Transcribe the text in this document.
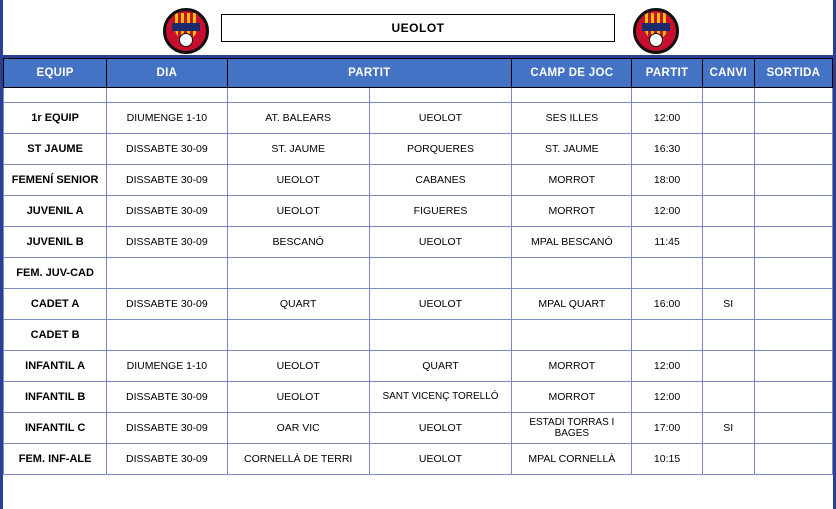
UEOLOT
EQUIP	DIA	PARTIT		CAMP DE JOC	PARTIT	CANVI	SORTIDA

1r EQUIP	DIUMENGE 1-10	AT. BALEARS	UEOLOT	SES ILLES	12:00		
ST JAUME	DISSABTE 30-09	ST. JAUME	PORQUERES	ST. JAUME	16:30		
FEMENÍ SENIOR	DISSABTE 30-09	UEOLOT	CABANES	MORROT	18:00		
JUVENIL A	DISSABTE 30-09	UEOLOT	FIGUERES	MORROT	12:00		
JUVENIL B	DISSABTE 30-09	BESCANÓ	UEOLOT	MPAL BESCANÓ	11:45		
FEM. JUV-CAD							
CADET A	DISSABTE 30-09	QUART	UEOLOT	MPAL QUART	16:00	SI	
CADET B							
INFANTIL A	DIUMENGE 1-10	UEOLOT	QUART	MORROT	12:00		
INFANTIL B	DISSABTE 30-09	UEOLOT	SANT VICENÇ TORELLÓ	MORROT	12:00		
INFANTIL C	DISSABTE 30-09	OAR VIC	UEOLOT	ESTADI TORRAS I BAGES	17:00	SI	
FEM. INF-ALE	DISSABTE 30-09	CORNELLÀ DE TERRI	UEOLOT	MPAL CORNELLÀ	10:15		
